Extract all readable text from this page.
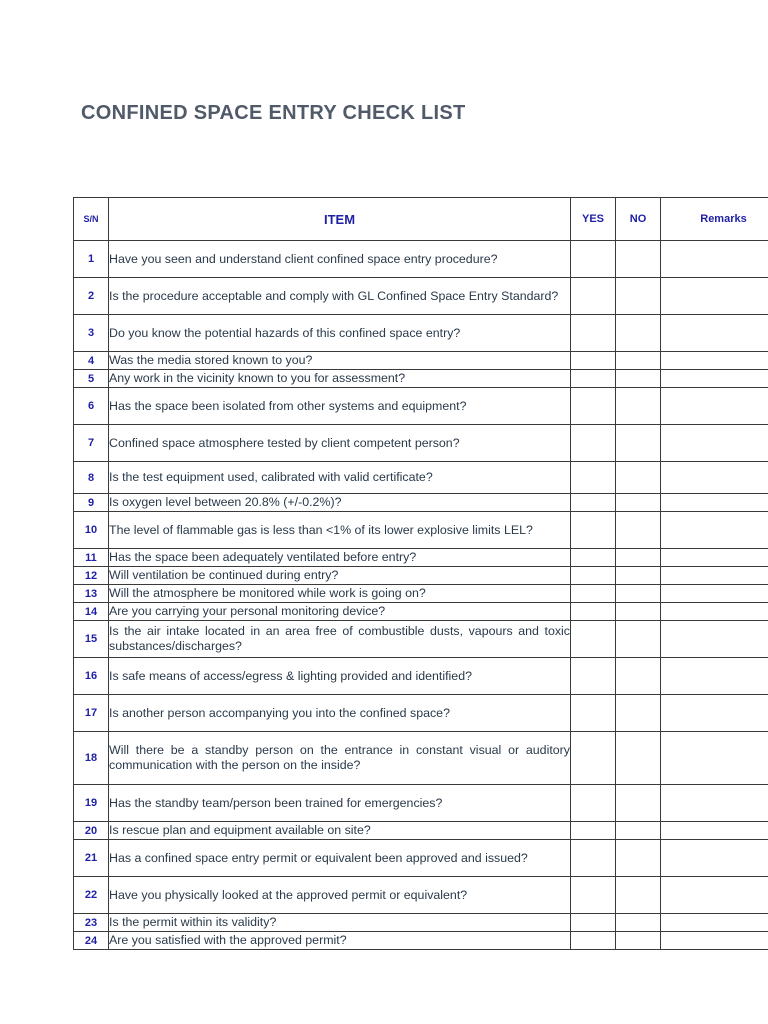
CONFINED SPACE ENTRY CHECK LIST
S/N	ITEM	YES	NO	Remarks
1	Have you seen and understand client confined space entry procedure?			
2	Is the procedure acceptable and comply with GL Confined Space Entry Standard?			
3	Do you know the potential hazards of this confined space entry?			
4	Was the media stored known to you?			
5	Any work in the vicinity known to you for assessment?			
6	Has the space been isolated from other systems and equipment?			
7	Confined space atmosphere tested by client competent person?			
8	Is the test equipment used, calibrated with valid certificate?			
9	Is oxygen level between 20.8% (+/-0.2%)?			
10	The level of flammable gas is less than <1% of its lower explosive limits LEL?			
11	Has the space been adequately ventilated before entry?			
12	Will ventilation be continued during entry?			
13	Will the atmosphere be monitored while work is going on?			
14	Are you carrying your personal monitoring device?			
15	Is the air intake located in an area free of combustible dusts, vapours and toxic substances/discharges?			
16	Is safe means of access/egress & lighting provided and identified?			
17	Is another person accompanying you into the confined space?			
18	Will there be a standby person on the entrance in constant visual or auditory communication with the person on the inside?			
19	Has the standby team/person been trained for emergencies?			
20	Is rescue plan and equipment available on site?			
21	Has a confined space entry permit or equivalent been approved and issued?			
22	Have you physically looked at the approved permit or equivalent?			
23	Is the permit within its validity?			
24	Are you satisfied with the approved permit?			
